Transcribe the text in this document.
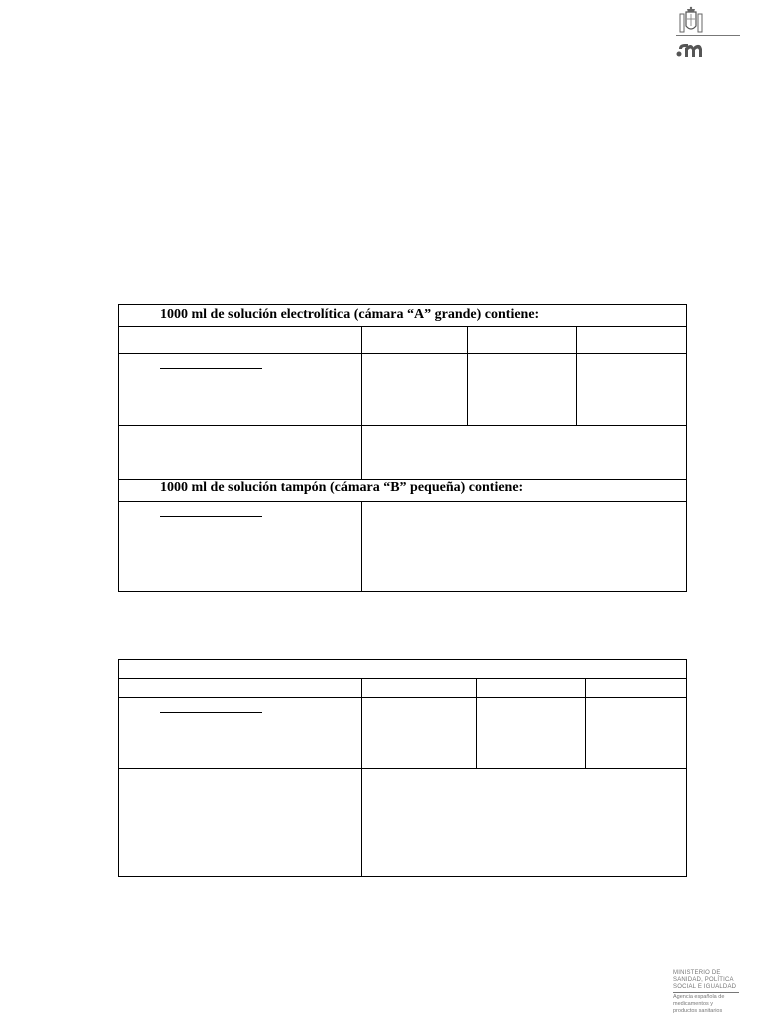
1000 ml de solución electrolítica (cámara “A” grande) contiene:
1000 ml de solución tampón (cámara “B” pequeña) contiene:
MINISTERIO DE
SANIDAD, POLÍTICA
SOCIAL E IGUALDAD
Agencia española de
medicamentos y
productos sanitarios
